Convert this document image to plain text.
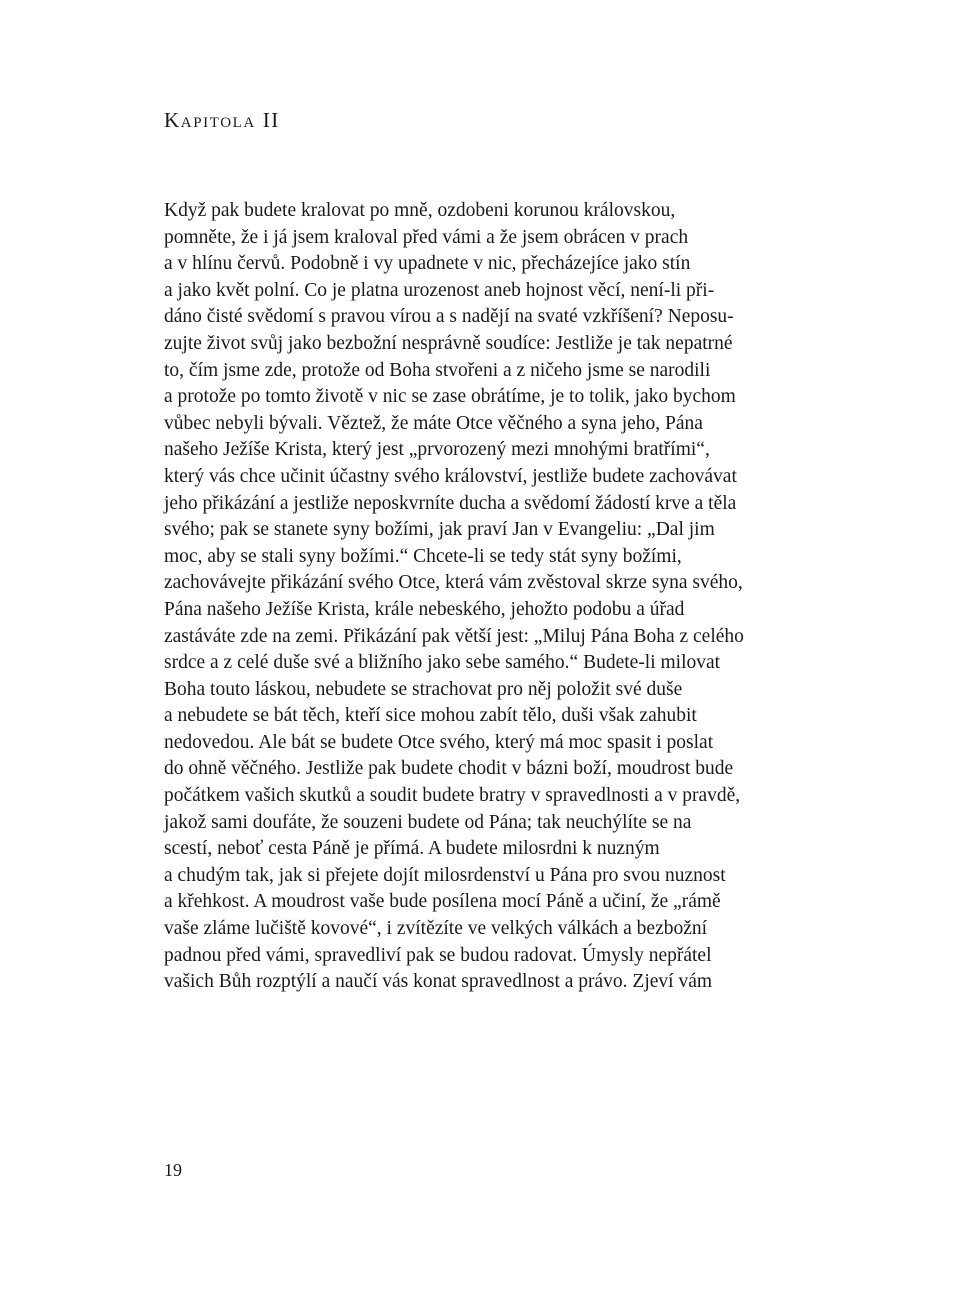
Kapitola II
Když pak budete kralovat po mně, ozdobeni korunou královskou,
pomněte, že i já jsem kraloval před vámi a že jsem obrácen v prach
a v hlínu červů. Podobně i vy upadnete v nic, přecházejíce jako stín
a jako květ polní. Co je platna urozenost aneb hojnost věcí, není-li při-
dáno čisté svědomí s pravou vírou a s nadějí na svaté vzkříšení? Neposu-
zujte život svůj jako bezbožní nesprávně soudíce: Jestliže je tak nepatrné
to, čím jsme zde, protože od Boha stvořeni a z ničeho jsme se narodili
a protože po tomto životě v nic se zase obrátíme, je to tolik, jako bychom
vůbec nebyli bývali. Věztež, že máte Otce věčného a syna jeho, Pána
našeho Ježíše Krista, který jest „prvorozený mezi mnohými bratřími“,
který vás chce učinit účastny svého království, jestliže budete zachovávat
jeho přikázání a jestliže neposkvrníte ducha a svědomí žádostí krve a těla
svého; pak se stanete syny božími, jak praví Jan v Evangeliu: „Dal jim
moc, aby se stali syny božími.“ Chcete-li se tedy stát syny božími,
zachovávejte přikázání svého Otce, která vám zvěstoval skrze syna svého,
Pána našeho Ježíše Krista, krále nebeského, jehožto podobu a úřad
zastáváte zde na zemi. Přikázání pak větší jest: „Miluj Pána Boha z celého
srdce a z celé duše své a bližního jako sebe samého.“ Budete-li milovat
Boha touto láskou, nebudete se strachovat pro něj položit své duše
a nebudete se bát těch, kteří sice mohou zabít tělo, duši však zahubit
nedovedou. Ale bát se budete Otce svého, který má moc spasit i poslat
do ohně věčného. Jestliže pak budete chodit v bázni boží, moudrost bude
počátkem vašich skutků a soudit budete bratry v spravedlnosti a v pravdě,
jakož sami doufáte, že souzeni budete od Pána; tak neuchýlíte se na
scestí, neboť cesta Páně je přímá. A budete milosrdni k nuzným
a chudým tak, jak si přejete dojít milosrdenství u Pána pro svou nuznost
a křehkost. A moudrost vaše bude posílena mocí Páně a učiní, že „rámě
vaše zláme lučiště kovové“, i zvítězíte ve velkých válkách a bezbožní
padnou před vámi, spravedliví pak se budou radovat. Úmysly nepřátel
vašich Bůh rozptýlí a naučí vás konat spravedlnost a právo. Zjeví vám
19
